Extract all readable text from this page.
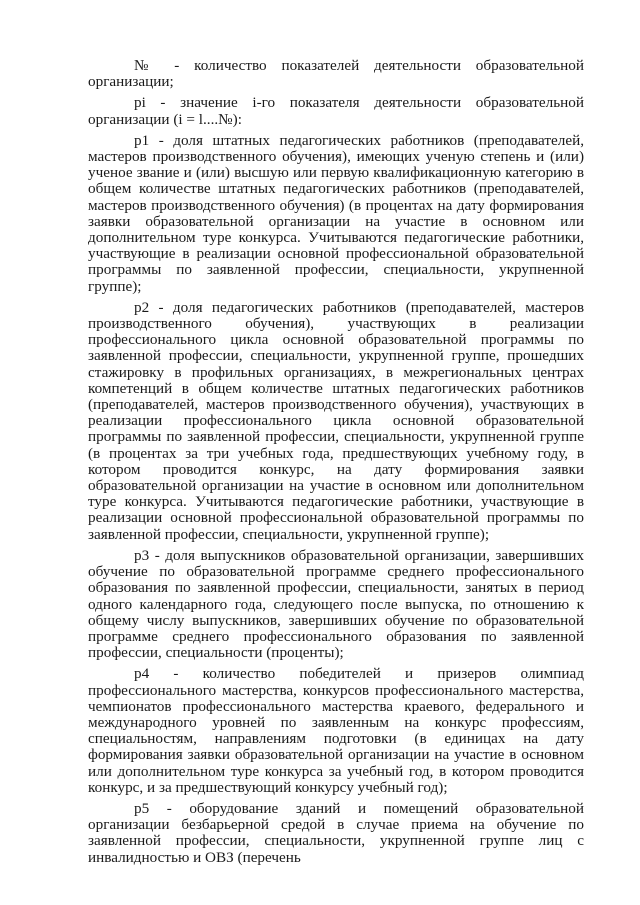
№ - количество показателей деятельности образовательной организации;

pi - значение i-го показателя деятельности образовательной организации (i = l....№):

p1 - доля штатных педагогических работников (преподавателей, мастеров производственного обучения), имеющих ученую степень и (или) ученое звание и (или) высшую или первую квалификационную категорию в общем количестве штатных педагогических работников (преподавателей, мастеров производственного обучения) (в процентах на дату формирования заявки образовательной организации на участие в основном или дополнительном туре конкурса. Учитываются педагогические работники, участвующие в реализации основной профессиональной образовательной программы по заявленной профессии, специальности, укрупненной группе);

p2 - доля педагогических работников (преподавателей, мастеров производственного обучения), участвующих в реализации профессионального цикла основной образовательной программы по заявленной профессии, специальности, укрупненной группе, прошедших стажировку в профильных организациях, в межрегиональных центрах компетенций в общем количестве штатных педагогических работников (преподавателей, мастеров производственного обучения), участвующих в реализации профессионального цикла основной образовательной программы по заявленной профессии, специальности, укрупненной группе (в процентах за три учебных года, предшествующих учебному году, в котором проводится конкурс, на дату формирования заявки образовательной организации на участие в основном или дополнительном туре конкурса. Учитываются педагогические работники, участвующие в реализации основной профессиональной образовательной программы по заявленной профессии, специальности, укрупненной группе);

p3 - доля выпускников образовательной организации, завершивших обучение по образовательной программе среднего профессионального образования по заявленной профессии, специальности, занятых в период одного календарного года, следующего после выпуска, по отношению к общему числу выпускников, завершивших обучение по образовательной программе среднего профессионального образования по заявленной профессии, специальности (проценты);

p4 - количество победителей и призеров олимпиад профессионального мастерства, конкурсов профессионального мастерства, чемпионатов профессионального мастерства краевого, федерального и международного уровней по заявленным на конкурс профессиям, специальностям, направлениям подготовки (в единицах на дату формирования заявки образовательной организации на участие в основном или дополнительном туре конкурса за учебный год, в котором проводится конкурс, и за предшествующий конкурсу учебный год);

p5 - оборудование зданий и помещений образовательной организации безбарьерной средой в случае приема на обучение по заявленной профессии, специальности, укрупненной группе лиц с инвалидностью и ОВЗ (перечень
